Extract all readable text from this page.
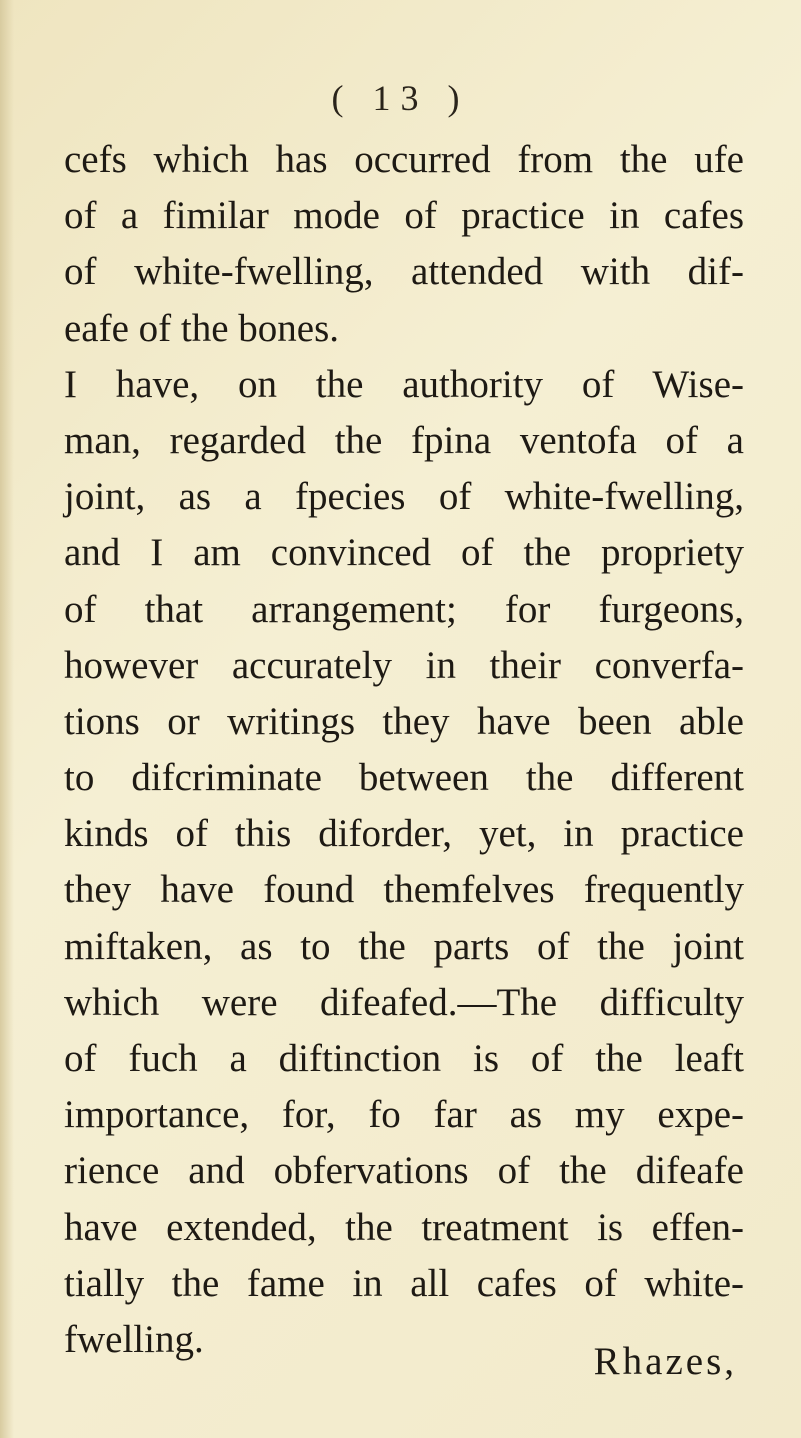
( 13 )
cefs which has occurred from the ufe
of a fimilar mode of practice in cafes
of white-fwelling, attended with dif-
eafe of the bones.
I have, on the authority of Wise-
man, regarded the fpina ventofa of a
joint, as a fpecies of white-fwelling,
and I am convinced of the propriety
of that arrangement; for furgeons,
however accurately in their converfa-
tions or writings they have been able
to difcriminate between the different
kinds of this diforder, yet, in practice
they have found themfelves frequently
miftaken, as to the parts of the joint
which were difeafed.—The difficulty
of fuch a diftinction is of the leaft
importance, for, fo far as my expe-
rience and obfervations of the difeafe
have extended, the treatment is effen-
tially the fame in all cafes of white-
fwelling.
Rhazes,
